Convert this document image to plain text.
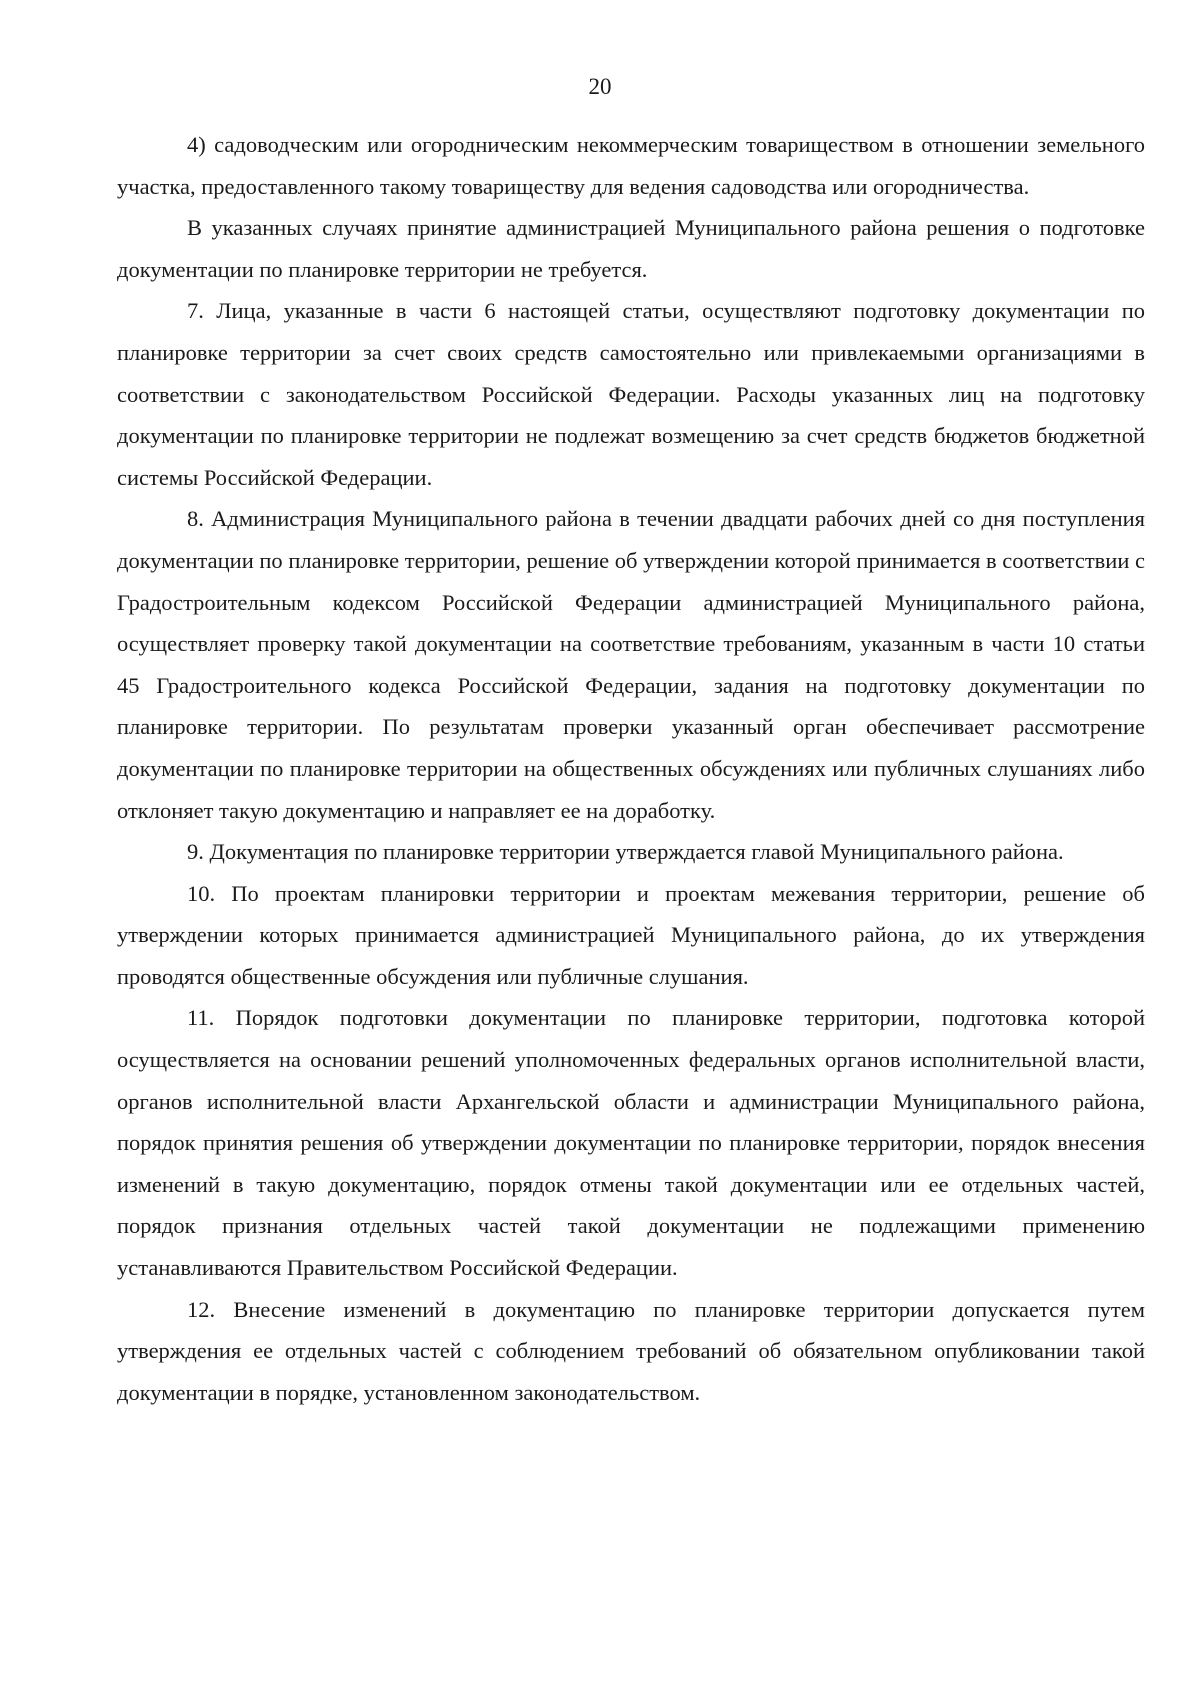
20

4) садоводческим или огородническим некоммерческим товариществом в отношении земельного участка, предоставленного такому товариществу для ведения садоводства или огородничества.

В указанных случаях принятие администрацией Муниципального района решения о подготовке документации по планировке территории не требуется.

7. Лица, указанные в части 6 настоящей статьи, осуществляют подготовку документации по планировке территории за счет своих средств самостоятельно или привлекаемыми организациями в соответствии с законодательством Российской Федерации. Расходы указанных лиц на подготовку документации по планировке территории не подлежат возмещению за счет средств бюджетов бюджетной системы Российской Федерации.

8. Администрация Муниципального района в течении двадцати рабочих дней со дня поступления документации по планировке территории, решение об утверждении которой принимается в соответствии с Градостроительным кодексом Российской Федерации администрацией Муниципального района, осуществляет проверку такой документации на соответствие требованиям, указанным в части 10 статьи 45 Градостроительного кодекса Российской Федерации, задания на подготовку документации по планировке территории. По результатам проверки указанный орган обеспечивает рассмотрение документации по планировке территории на общественных обсуждениях или публичных слушаниях либо отклоняет такую документацию и направляет ее на доработку.

9. Документация по планировке территории утверждается главой Муниципального района.

10. По проектам планировки территории и проектам межевания территории, решение об утверждении которых принимается администрацией Муниципального района, до их утверждения проводятся общественные обсуждения или публичные слушания.

11. Порядок подготовки документации по планировке территории, подготовка которой осуществляется на основании решений уполномоченных федеральных органов исполнительной власти, органов исполнительной власти Архангельской области и администрации Муниципального района, порядок принятия решения об утверждении документации по планировке территории, порядок внесения изменений в такую документацию, порядок отмены такой документации или ее отдельных частей, порядок признания отдельных частей такой документации не подлежащими применению устанавливаются Правительством Российской Федерации.

12. Внесение изменений в документацию по планировке территории допускается путем утверждения ее отдельных частей с соблюдением требований об обязательном опубликовании такой документации в порядке, установленном законодательством.
